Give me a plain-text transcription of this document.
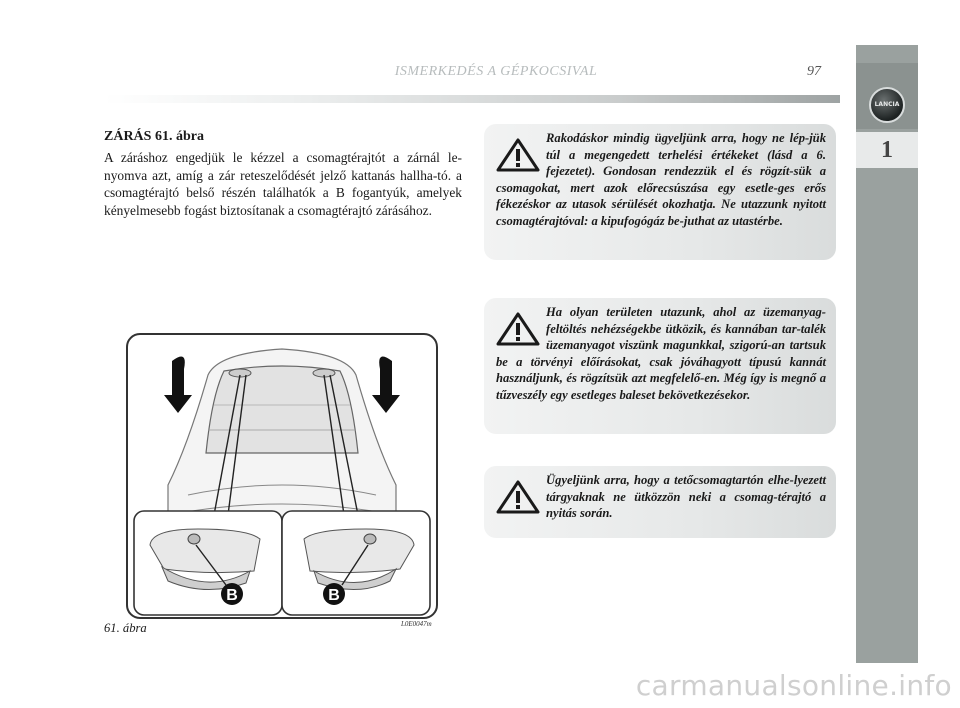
ISMERKEDÉS A GÉPKOCSIVAL	97
LANCIA
1
ZÁRÁS 61. ábra
A záráshoz engedjük le kézzel a csomagtérajtót a zárnál le-nyomva azt, amíg a zár reteszelődését jelző kattanás hallha-tó. a csomagtérajtó belső részén találhatók a B fogantyúk, amelyek kényelmesebb fogást biztosítanak a csomagtérajtó zárásához.
Rakodáskor mindig ügyeljünk arra, hogy ne lép-jük túl a megengedett terhelési értékeket (lásd a 6. fejezetet). Gondosan rendezzük el és rögzít-sük a csomagokat, mert azok előrecsúszása egy esetle-ges erős fékezéskor az utasok sérülését okozhatja. Ne utazzunk nyitott csomagtérajtóval: a kipufogógáz be-juthat az utastérbe.
Ha olyan területen utazunk, ahol az üzemanyag-feltöltés nehézségekbe ütközik, és kannában tar-talék üzemanyagot viszünk magunkkal, szigorú-an tartsuk be a törvényi előírásokat, csak jóváhagyott típusú kannát használjunk, és rögzítsük azt megfelelő-en. Még így is megnő a tűzveszély egy esetleges baleset bekövetkezésekor.
Ügyeljünk arra, hogy a tetőcsomagtartón elhe-lyezett tárgyaknak ne ütközzön neki a csomag-térajtó a nyitás során.
B	B
L0E0047m
61. ábra
carmanualsonline.info
